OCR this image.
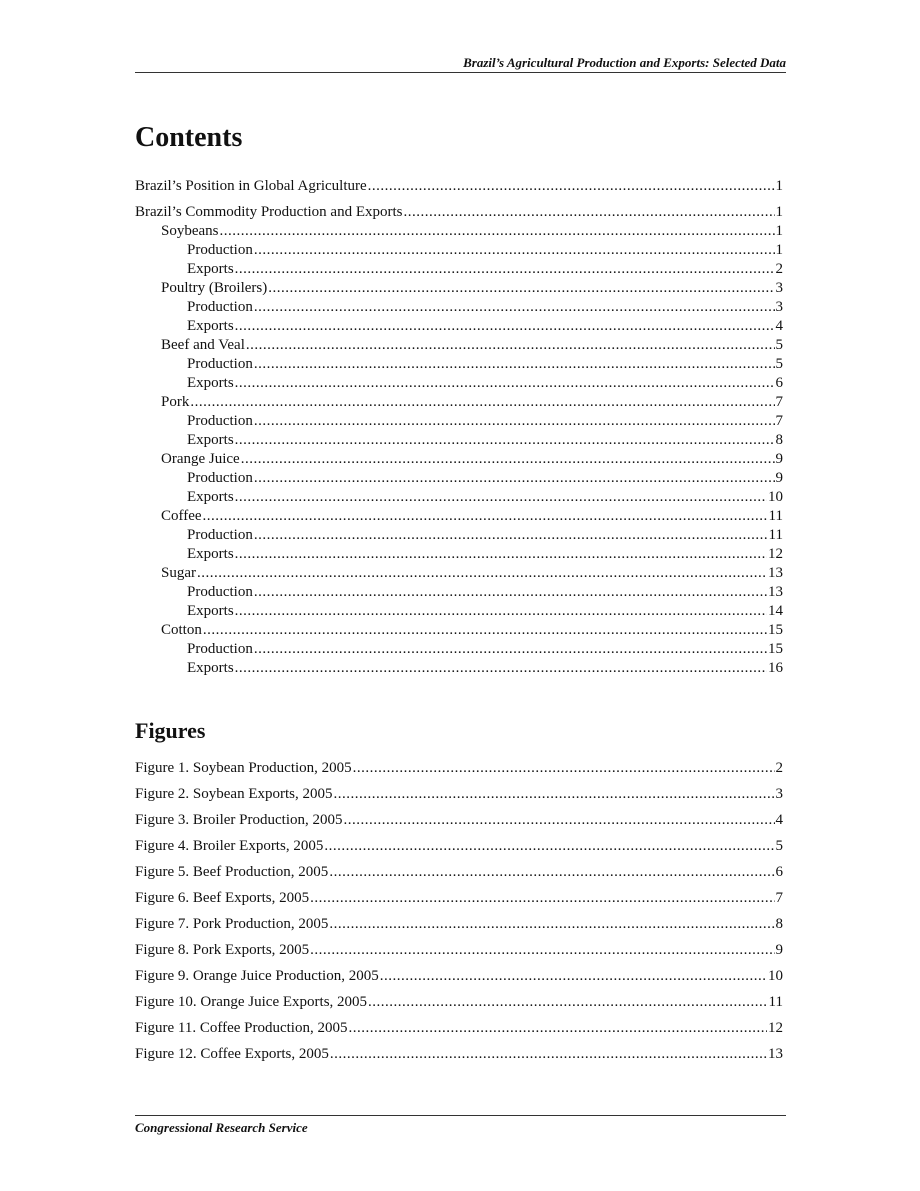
Brazil’s Agricultural Production and Exports: Selected Data
Contents
Brazil’s Position in Global Agriculture .....	1
Brazil’s Commodity Production and Exports .....	1
Soybeans .....	1
Production .....	1
Exports .....	2
Poultry (Broilers) .....	3
Production .....	3
Exports .....	4
Beef and Veal .....	5
Production .....	5
Exports .....	6
Pork .....	7
Production .....	7
Exports .....	8
Orange Juice .....	9
Production .....	9
Exports .....	10
Coffee .....	11
Production .....	11
Exports .....	12
Sugar .....	13
Production .....	13
Exports .....	14
Cotton .....	15
Production .....	15
Exports .....	16
Figures
Figure 1. Soybean Production, 2005 .....	2
Figure 2. Soybean Exports, 2005 .....	3
Figure 3. Broiler Production, 2005 .....	4
Figure 4. Broiler Exports, 2005 .....	5
Figure 5. Beef Production, 2005 .....	6
Figure 6. Beef Exports, 2005 .....	7
Figure 7. Pork Production, 2005 .....	8
Figure 8. Pork Exports, 2005 .....	9
Figure 9. Orange Juice Production, 2005 .....	10
Figure 10. Orange Juice Exports, 2005 .....	11
Figure 11. Coffee Production, 2005 .....	12
Figure 12. Coffee Exports, 2005 .....	13
Congressional Research Service
